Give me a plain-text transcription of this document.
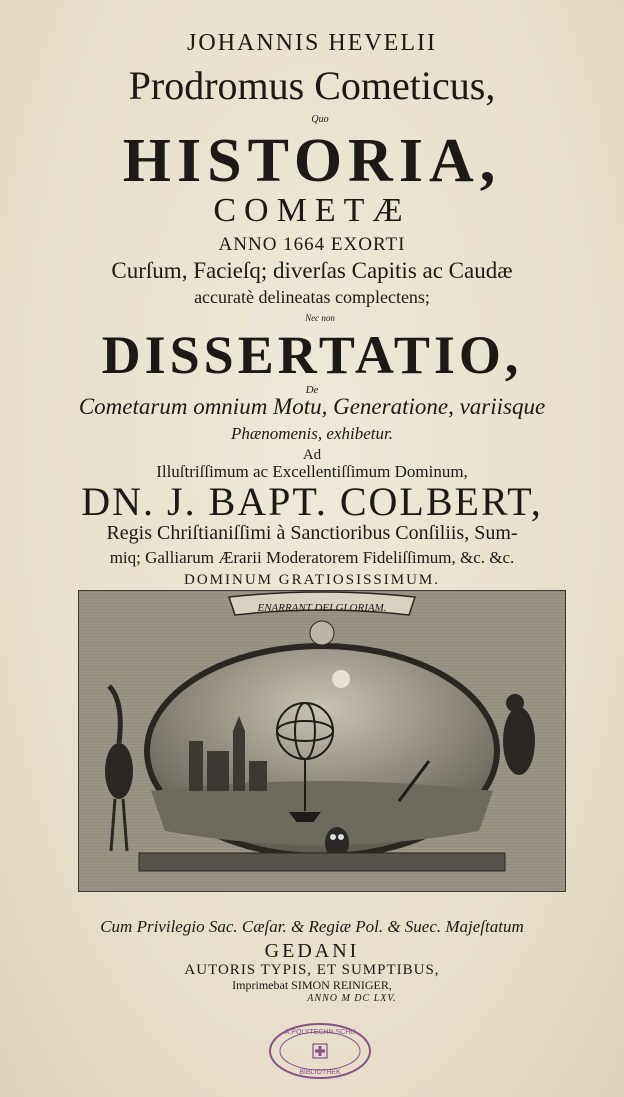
JOHANNIS HEVELII
Prodromus Cometicus,
Quo
HISTORIA,
COMETÆ
ANNO 1664 EXORTI
Curſum, Facieſq; diverſas Capitis ac Caudæ
accuratè delineatas complectens;
Nec non
DISSERTATIO,
De
Cometarum omnium Motu, Generatione, variisque
Phænomenis, exhibetur.
Ad
Illuſtriſſimum ac Excellentiſſimum Dominum,
DN. J. BAPT. COLBERT,
Regis Chriſtianiſſimi à Sanctioribus Conſiliis, Sum-
miq; Galliarum Ærarii Moderatorem Fideliſſimum, &c. &c.
DOMINUM GRATIOSISSIMUM.
ENARRANT DEI GLORIAM.
Cum Privilegio Sac. Cæſar. & Regiæ Pol. & Suec. Majeſtatum
GEDANI
AUTORIS TYPIS, ET SUMPTIBUS,
Imprimebat SIMON REINIGER,
ANNO M DC LXV.
A.POLYTECHN.SCHU
BIBLIOTHEK
